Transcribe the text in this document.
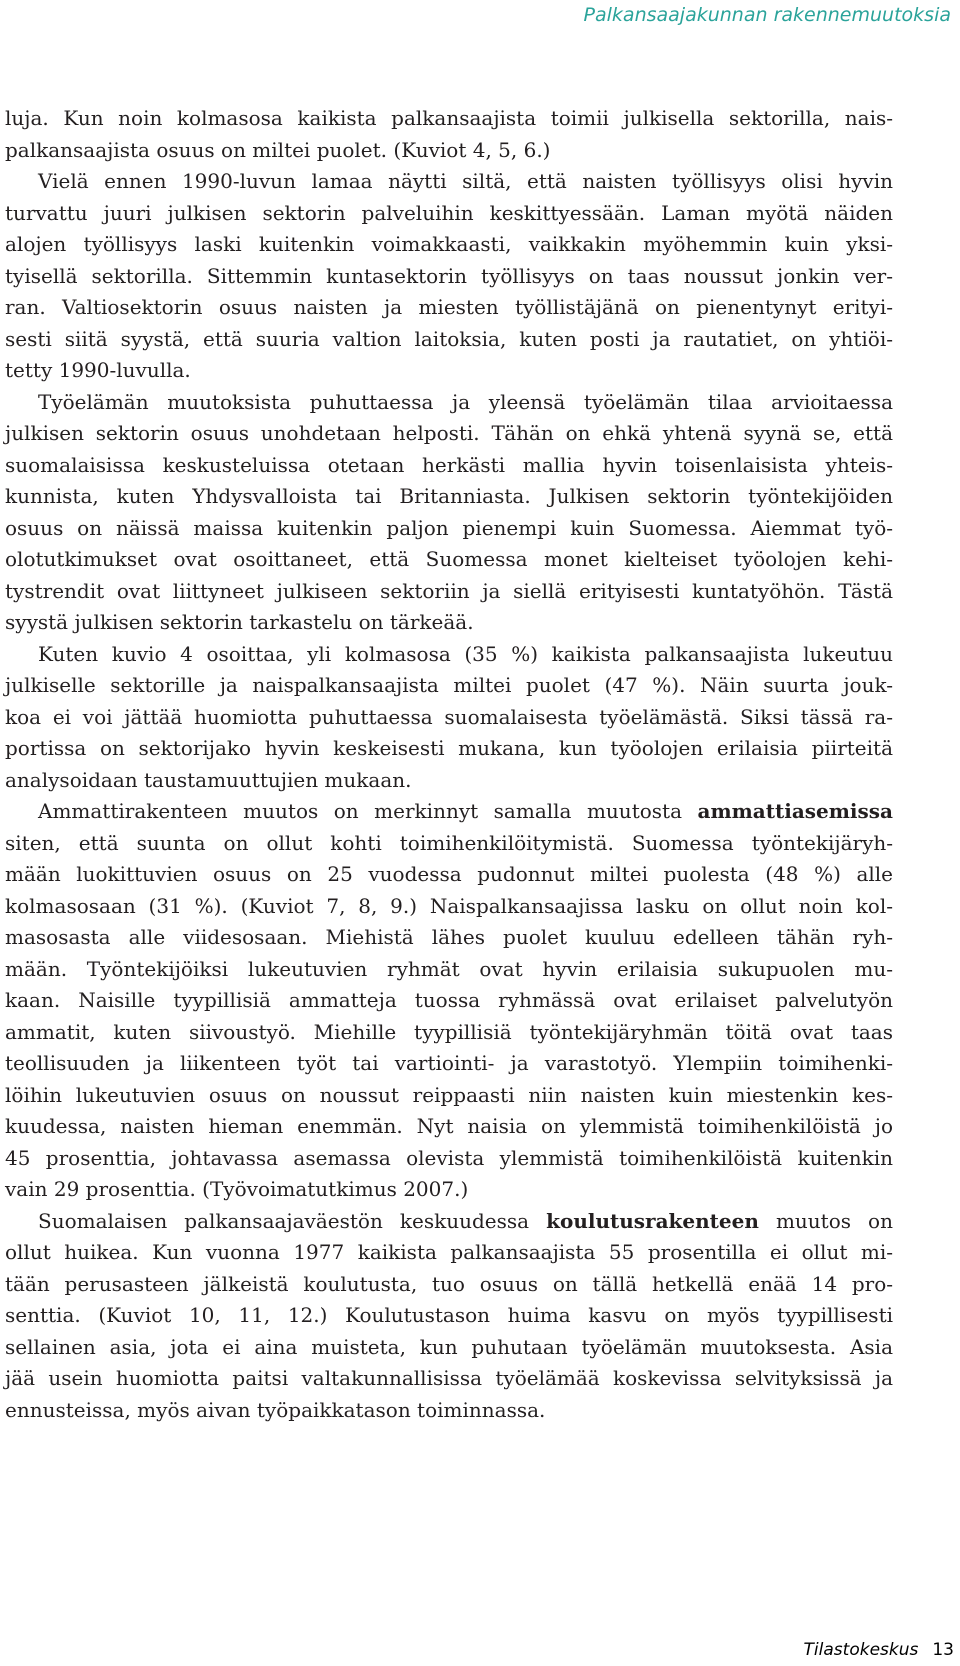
Palkansaajakunnan rakennemuutoksia
luja. Kun noin kolmasosa kaikista palkansaajista toimii julkisella sektorilla, nais-
palkansaajista osuus on miltei puolet. (Kuviot 4, 5, 6.)
Vielä ennen 1990-luvun lamaa näytti siltä, että naisten työllisyys olisi hyvin
turvattu juuri julkisen sektorin palveluihin keskittyessään. Laman myötä näiden
alojen työllisyys laski kuitenkin voimakkaasti, vaikkakin myöhemmin kuin yksi-
tyisellä sektorilla. Sittemmin kuntasektorin työllisyys on taas noussut jonkin ver-
ran. Valtiosektorin osuus naisten ja miesten työllistäjänä on pienentynyt erityi-
sesti siitä syystä, että suuria valtion laitoksia, kuten posti ja rautatiet, on yhtiöi-
tetty 1990-luvulla.
Työelämän muutoksista puhuttaessa ja yleensä työelämän tilaa arvioitaessa
julkisen sektorin osuus unohdetaan helposti. Tähän on ehkä yhtenä syynä se, että
suomalaisissa keskusteluissa otetaan herkästi mallia hyvin toisenlaisista yhteis-
kunnista, kuten Yhdysvalloista tai Britanniasta. Julkisen sektorin työntekijöiden
osuus on näissä maissa kuitenkin paljon pienempi kuin Suomessa. Aiemmat työ-
olotutkimukset ovat osoittaneet, että Suomessa monet kielteiset työolojen kehi-
tystrendit ovat liittyneet julkiseen sektoriin ja siellä erityisesti kuntatyöhön. Tästä
syystä julkisen sektorin tarkastelu on tärkeää.
Kuten kuvio 4 osoittaa, yli kolmasosa (35 %) kaikista palkansaajista lukeutuu
julkiselle sektorille ja naispalkansaajista miltei puolet (47 %). Näin suurta jouk-
koa ei voi jättää huomiotta puhuttaessa suomalaisesta työelämästä. Siksi tässä ra-
portissa on sektorijako hyvin keskeisesti mukana, kun työolojen erilaisia piirteitä
analysoidaan taustamuuttujien mukaan.
Ammattirakenteen muutos on merkinnyt samalla muutosta ammattiasemissa
siten, että suunta on ollut kohti toimihenkilöitymistä. Suomessa työntekijäryh-
mään luokittuvien osuus on 25 vuodessa pudonnut miltei puolesta (48 %) alle
kolmasosaan (31 %). (Kuviot 7, 8, 9.) Naispalkansaajissa lasku on ollut noin kol-
masosasta alle viidesosaan. Miehistä lähes puolet kuuluu edelleen tähän ryh-
mään. Työntekijöiksi lukeutuvien ryhmät ovat hyvin erilaisia sukupuolen mu-
kaan. Naisille tyypillisiä ammatteja tuossa ryhmässä ovat erilaiset palvelutyön
ammatit, kuten siivoustyö. Miehille tyypillisiä työntekijäryhmän töitä ovat taas
teollisuuden ja liikenteen työt tai vartiointi- ja varastotyö. Ylempiin toimihenki-
löihin lukeutuvien osuus on noussut reippaasti niin naisten kuin miestenkin kes-
kuudessa, naisten hieman enemmän. Nyt naisia on ylemmistä toimihenkilöistä jo
45 prosenttia, johtavassa asemassa olevista ylemmistä toimihenkilöistä kuitenkin
vain 29 prosenttia. (Työvoimatutkimus 2007.)
Suomalaisen palkansaajaväestön keskuudessa koulutusrakenteen muutos on
ollut huikea. Kun vuonna 1977 kaikista palkansaajista 55 prosentilla ei ollut mi-
tään perusasteen jälkeistä koulutusta, tuo osuus on tällä hetkellä enää 14 pro-
senttia. (Kuviot 10, 11, 12.) Koulutustason huima kasvu on myös tyypillisesti
sellainen asia, jota ei aina muisteta, kun puhutaan työelämän muutoksesta. Asia
jää usein huomiotta paitsi valtakunnallisissa työelämää koskevissa selvityksissä ja
ennusteissa, myös aivan työpaikkatason toiminnassa.
Tilastokeskus 13
